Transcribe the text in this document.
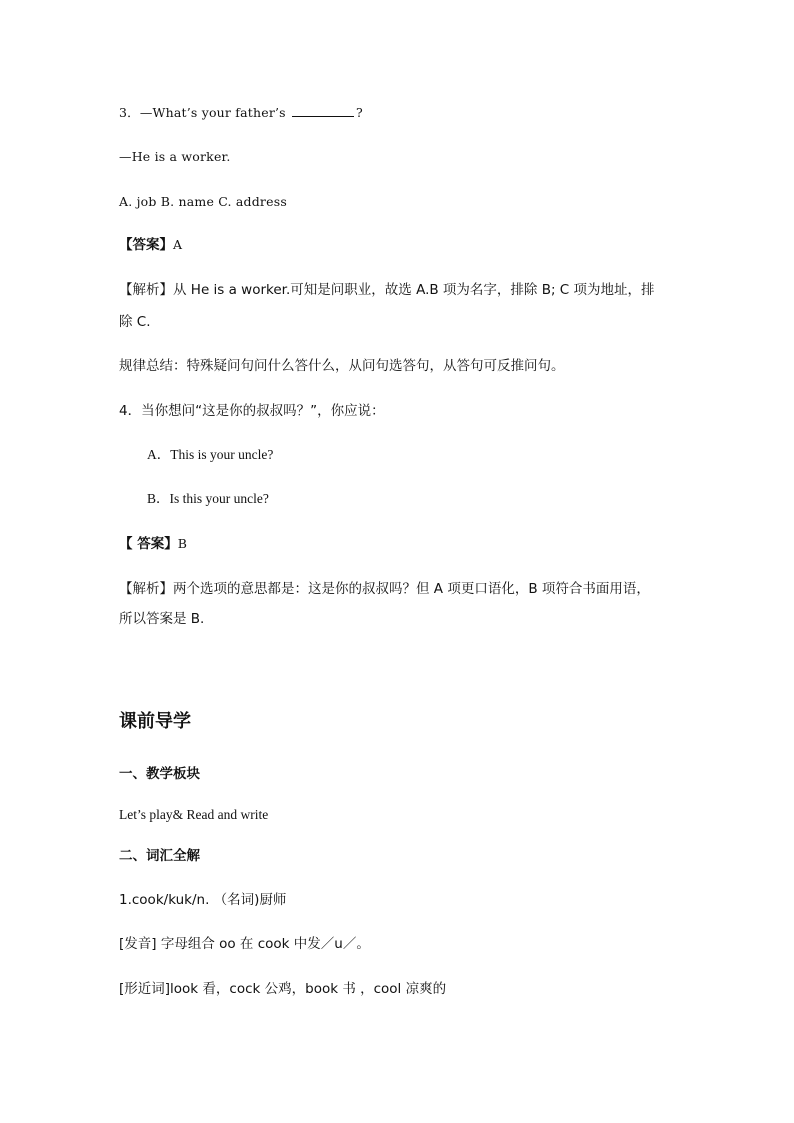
3．—What’s your father’s	?
—He is a worker.
A. job B. name C. address
【答案】A
【解析】从 He is a worker.可知是问职业，故选 A.B 项为名字，排除 B; C 项为地址，排
除 C.
规律总结：特殊疑问句问什么答什么，从问句选答句，从答句可反推问句。
4．当你想问“这是你的叔叔吗？”，你应说：
A．This is your uncle?
B．Is this your uncle?
【 答案】B
【解析】两个选项的意思都是：这是你的叔叔吗？但 A 项更口语化，B 项符合书面用语，
所以答案是 B.
课前导学
一、教学板块
Let’s play& Read and write
二、词汇全解
1.cook/kuk/n. （名词)厨师
[发音] 字母组合 oo 在 cook 中发／u／。
[形近词]look 看，cock 公鸡，book 书 ，cool 凉爽的
